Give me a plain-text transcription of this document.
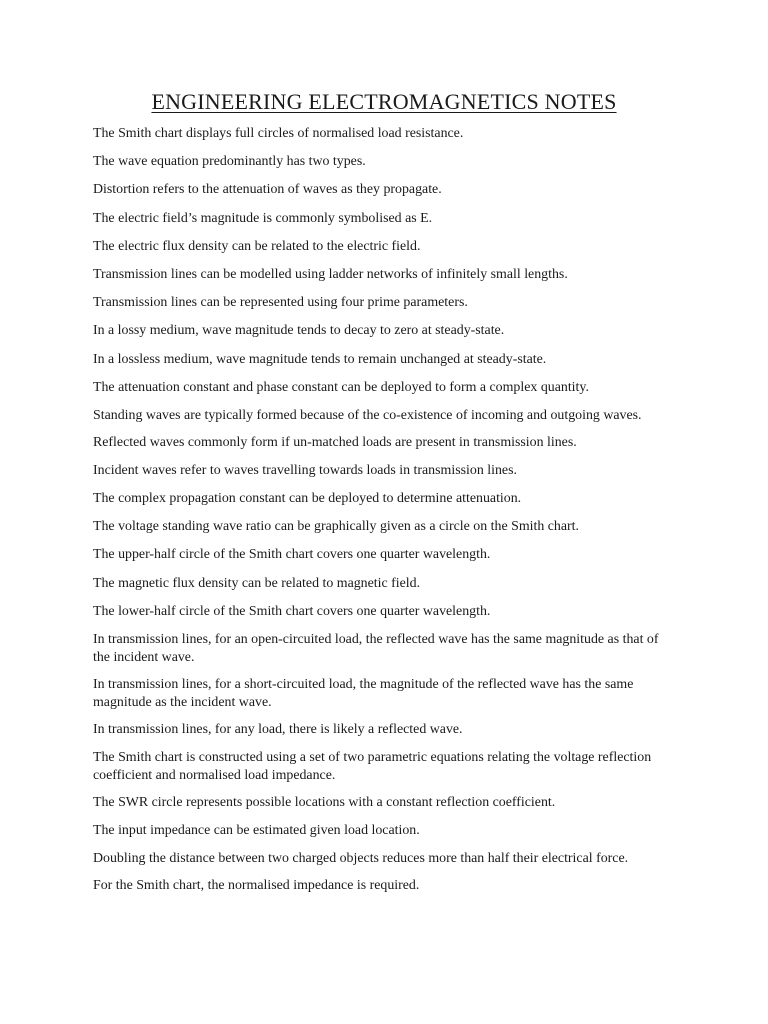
ENGINEERING ELECTROMAGNETICS NOTES
The Smith chart displays full circles of normalised load resistance.
The wave equation predominantly has two types.
Distortion refers to the attenuation of waves as they propagate.
The electric field’s magnitude is commonly symbolised as E.
The electric flux density can be related to the electric field.
Transmission lines can be modelled using ladder networks of infinitely small lengths.
Transmission lines can be represented using four prime parameters.
In a lossy medium, wave magnitude tends to decay to zero at steady-state.
In a lossless medium, wave magnitude tends to remain unchanged at steady-state.
The attenuation constant and phase constant can be deployed to form a complex quantity.
Standing waves are typically formed because of the co-existence of incoming and outgoing waves.
Reflected waves commonly form if un-matched loads are present in transmission lines.
Incident waves refer to waves travelling towards loads in transmission lines.
The complex propagation constant can be deployed to determine attenuation.
The voltage standing wave ratio can be graphically given as a circle on the Smith chart.
The upper-half circle of the Smith chart covers one quarter wavelength.
The magnetic flux density can be related to magnetic field.
The lower-half circle of the Smith chart covers one quarter wavelength.
In transmission lines, for an open-circuited load, the reflected wave has the same magnitude as that of the incident wave.
In transmission lines, for a short-circuited load, the magnitude of the reflected wave has the same magnitude as the incident wave.
In transmission lines, for any load, there is likely a reflected wave.
The Smith chart is constructed using a set of two parametric equations relating the voltage reflection coefficient and normalised load impedance.
The SWR circle represents possible locations with a constant reflection coefficient.
The input impedance can be estimated given load location.
Doubling the distance between two charged objects reduces more than half their electrical force.
For the Smith chart, the normalised impedance is required.
